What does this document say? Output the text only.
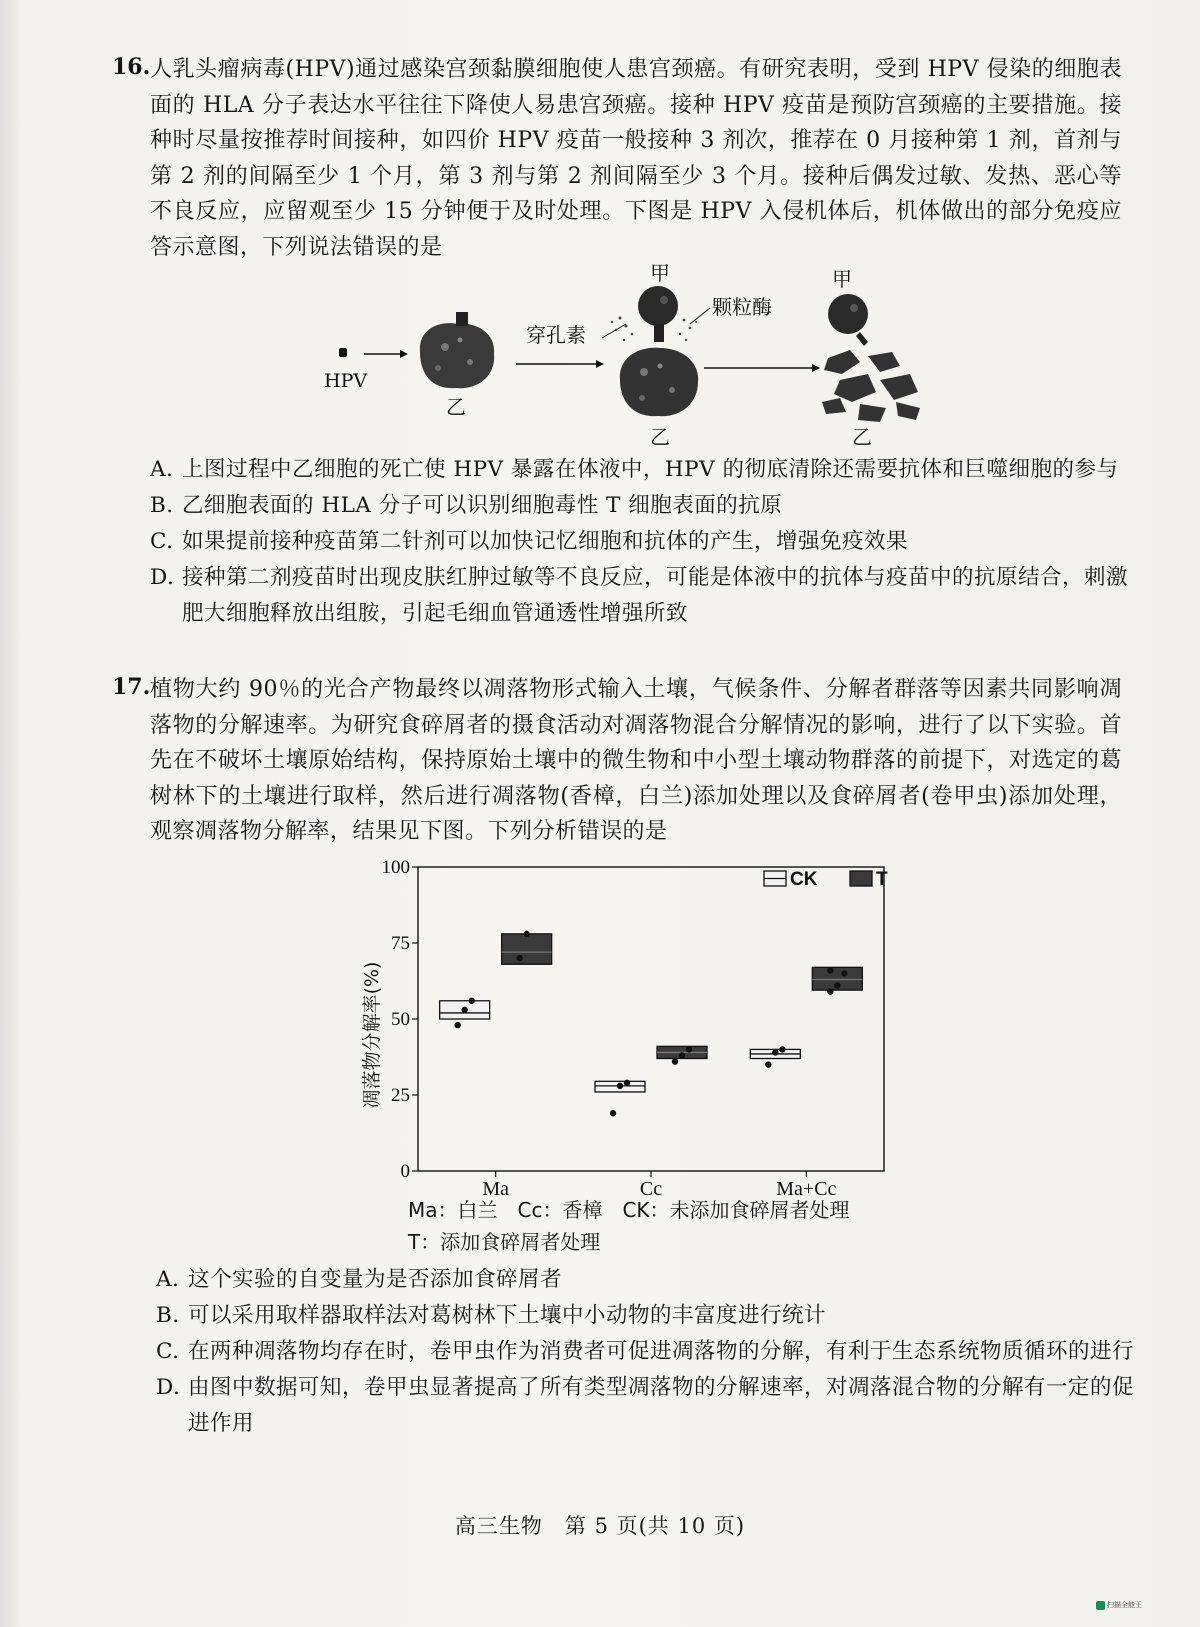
16. 人乳头瘤病毒(HPV)通过感染宫颈黏膜细胞使人患宫颈癌。有研究表明，受到 HPV 侵染的细胞表面的 HLA 分子表达水平往往下降使人易患宫颈癌。接种 HPV 疫苗是预防宫颈癌的主要措施。接种时尽量按推荐时间接种，如四价 HPV 疫苗一般接种 3 剂次，推荐在 0 月接种第 1 剂，首剂与第 2 剂的间隔至少 1 个月，第 3 剂与第 2 剂间隔至少 3 个月。接种后偶发过敏、发热、恶心等不良反应，应留观至少 15 分钟便于及时处理。下图是 HPV 入侵机体后，机体做出的部分免疫应答示意图，下列说法错误的是
HPV
乙
穿孔素
甲
颗粒酶
乙
甲
乙
A. 上图过程中乙细胞的死亡使 HPV 暴露在体液中，HPV 的彻底清除还需要抗体和巨噬细胞的参与
B. 乙细胞表面的 HLA 分子可以识别细胞毒性 T 细胞表面的抗原
C. 如果提前接种疫苗第二针剂可以加快记忆细胞和抗体的产生，增强免疫效果
D. 接种第二剂疫苗时出现皮肤红肿过敏等不良反应，可能是体液中的抗体与疫苗中的抗原结合，刺激肥大细胞释放出组胺，引起毛细血管通透性增强所致
17. 植物大约 90％的光合产物最终以凋落物形式输入土壤，气候条件、分解者群落等因素共同影响凋落物的分解速率。为研究食碎屑者的摄食活动对凋落物混合分解情况的影响，进行了以下实验。首先在不破坏土壤原始结构，保持原始土壤中的微生物和中小型土壤动物群落的前提下，对选定的葛树林下的土壤进行取样，然后进行凋落物(香樟，白兰)添加处理以及食碎屑者(卷甲虫)添加处理，观察凋落物分解率，结果见下图。下列分析错误的是
凋落物分解率(%)
0
25
50
75
100
Ma	Cc	Ma+Cc
CK	T
Ma：白兰　Cc：香樟　CK：未添加食碎屑者处理
T：添加食碎屑者处理
A. 这个实验的自变量为是否添加食碎屑者
B. 可以采用取样器取样法对葛树林下土壤中小动物的丰富度进行统计
C. 在两种凋落物均存在时，卷甲虫作为消费者可促进凋落物的分解，有利于生态系统物质循环的进行
D. 由图中数据可知，卷甲虫显著提高了所有类型凋落物的分解速率，对凋落混合物的分解有一定的促进作用
高三生物　第 5 页(共 10 页)
扫描全能王
